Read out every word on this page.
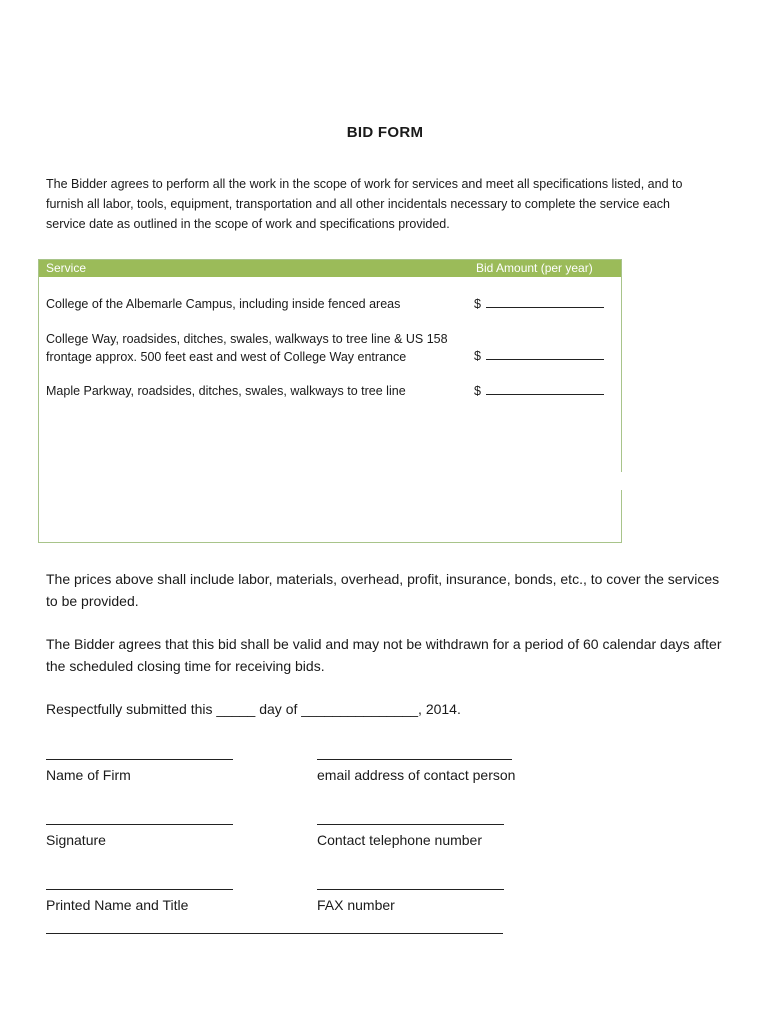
BID FORM

The Bidder agrees to perform all the work in the scope of work for services and meet all specifications listed, and to

furnish all labor, tools, equipment, transportation and all other incidentals necessary to complete the service each

service date as outlined in the scope of work and specifications provided.

Service	Bid Amount (per year)
College of the Albemarle Campus, including inside fenced areas	$
College Way, roadsides, ditches, swales, walkways to tree line & US 158
frontage approx. 500 feet east and west of College Way entrance	$
Maple Parkway, roadsides, ditches, swales, walkways to tree line	$
The prices above shall include labor, materials, overhead, profit, insurance, bonds, etc., to cover the services
to be provided.
The Bidder agrees that this bid shall be valid and may not be withdrawn for a period of 60 calendar days after
the scheduled closing time for receiving bids.
Respectfully submitted this _____ day of _______________, 2014.
Name of Firm	email address of contact person
Signature	Contact telephone number
Printed Name and Title	FAX number
